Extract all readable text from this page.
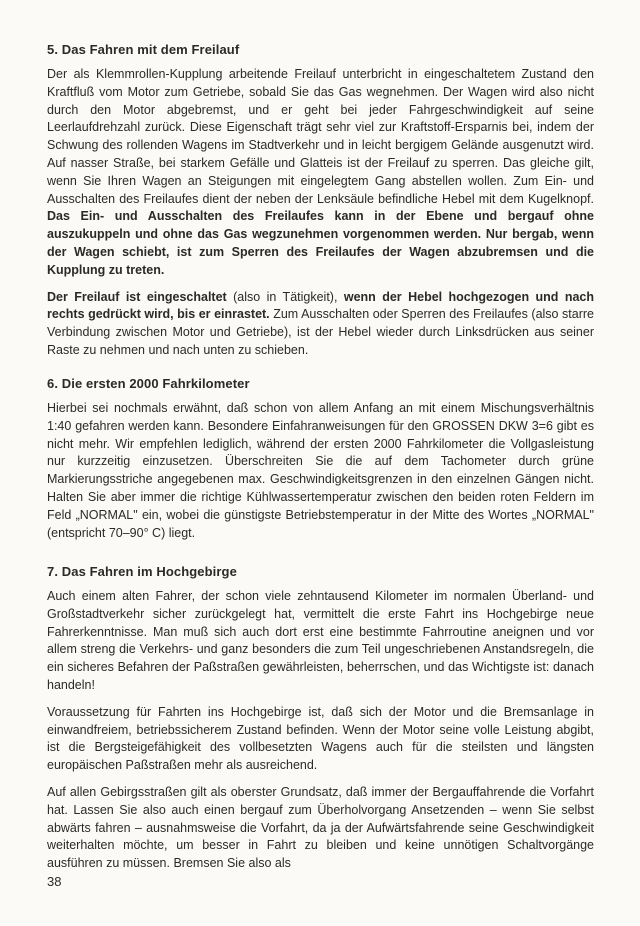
5. Das Fahren mit dem Freilauf

Der als Klemmrollen-Kupplung arbeitende Freilauf unterbricht in eingeschaltetem Zustand den Kraftfluß vom Motor zum Getriebe, sobald Sie das Gas wegnehmen. Der Wagen wird also nicht durch den Motor abgebremst, und er geht bei jeder Fahrgeschwindigkeit auf seine Leerlaufdrehzahl zurück. Diese Eigenschaft trägt sehr viel zur Kraftstoff-Ersparnis bei, indem der Schwung des rollenden Wagens im Stadtverkehr und in leicht bergigem Gelände ausgenutzt wird. Auf nasser Straße, bei starkem Gefälle und Glatteis ist der Freilauf zu sperren. Das gleiche gilt, wenn Sie Ihren Wagen an Steigungen mit eingelegtem Gang abstellen wollen. Zum Ein- und Ausschalten des Freilaufes dient der neben der Lenksäule befindliche Hebel mit dem Kugelknopf. Das Ein- und Ausschalten des Freilaufes kann in der Ebene und bergauf ohne auszukuppeln und ohne das Gas wegzunehmen vorgenommen werden. Nur bergab, wenn der Wagen schiebt, ist zum Sperren des Freilaufes der Wagen abzubremsen und die Kupplung zu treten.

Der Freilauf ist eingeschaltet (also in Tätigkeit), wenn der Hebel hochgezogen und nach rechts gedrückt wird, bis er einrastet. Zum Ausschalten oder Sperren des Freilaufes (also starre Verbindung zwischen Motor und Getriebe), ist der Hebel wieder durch Linksdrücken aus seiner Raste zu nehmen und nach unten zu schieben.

6. Die ersten 2000 Fahrkilometer

Hierbei sei nochmals erwähnt, daß schon von allem Anfang an mit einem Mischungsverhältnis 1:40 gefahren werden kann. Besondere Einfahranweisungen für den GROSSEN DKW 3=6 gibt es nicht mehr. Wir empfehlen lediglich, während der ersten 2000 Fahrkilometer die Vollgasleistung nur kurzzeitig einzusetzen. Überschreiten Sie die auf dem Tachometer durch grüne Markierungsstriche angegebenen max. Geschwindigkeitsgrenzen in den einzelnen Gängen nicht. Halten Sie aber immer die richtige Kühlwassertemperatur zwischen den beiden roten Feldern im Feld „NORMAL" ein, wobei die günstigste Betriebstemperatur in der Mitte des Wortes „NORMAL" (entspricht 70–90° C) liegt.

7. Das Fahren im Hochgebirge

Auch einem alten Fahrer, der schon viele zehntausend Kilometer im normalen Überland- und Großstadtverkehr sicher zurückgelegt hat, vermittelt die erste Fahrt ins Hochgebirge neue Fahrerkenntnisse. Man muß sich auch dort erst eine bestimmte Fahrroutine aneignen und vor allem streng die Verkehrs- und ganz besonders die zum Teil ungeschriebenen Anstandsregeln, die ein sicheres Befahren der Paßstraßen gewährleisten, beherrschen, und das Wichtigste ist: danach handeln!

Voraussetzung für Fahrten ins Hochgebirge ist, daß sich der Motor und die Bremsanlage in einwandfreiem, betriebssicherem Zustand befinden. Wenn der Motor seine volle Leistung abgibt, ist die Bergsteigefähigkeit des vollbesetzten Wagens auch für die steilsten und längsten europäischen Paßstraßen mehr als ausreichend.

Auf allen Gebirgsstraßen gilt als oberster Grundsatz, daß immer der Bergauffahrende die Vorfahrt hat. Lassen Sie also auch einen bergauf zum Überholvorgang Ansetzenden – wenn Sie selbst abwärts fahren – ausnahmsweise die Vorfahrt, da ja der Aufwärtsfahrende seine Geschwindigkeit weiterhalten möchte, um besser in Fahrt zu bleiben und keine unnötigen Schaltvorgänge ausführen zu müssen. Bremsen Sie also als

38
